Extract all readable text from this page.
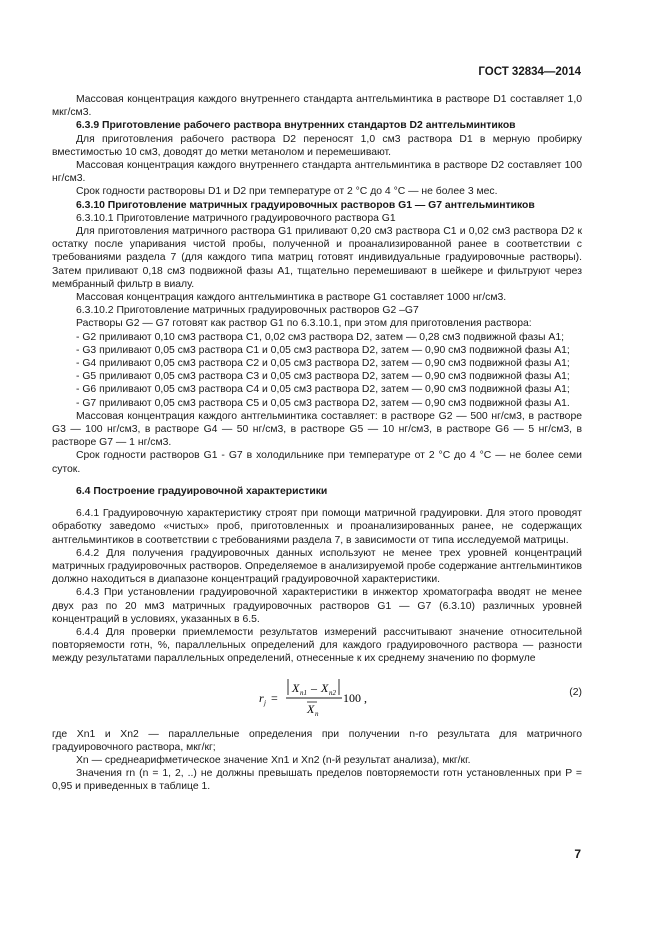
ГОСТ 32834—2014

Массовая концентрация каждого внутреннего стандарта антгельминтика в растворе D1 составляет 1,0 мкг/см3.

6.3.9 Приготовление рабочего раствора внутренних стандартов D2 антгельминтиков

Для приготовления рабочего раствора D2 переносят 1,0 см3 раствора D1 в мерную пробирку вместимостью 10 см3, доводят до метки метанолом и перемешивают.

Массовая концентрация каждого внутреннего стандарта антгельминтика в растворе D2 составляет 100 нг/см3.

Срок годности растворовы D1 и D2 при температуре от 2 °С до 4 °С — не более 3 мес.

6.3.10 Приготовление матричных градуировочных растворов G1 — G7 антгельминтиков

6.3.10.1 Приготовление матричного градуировочного раствора G1

Для приготовления матричного раствора G1 приливают 0,20 см3 раствора C1 и 0,02 см3 раствора D2 к остатку после упаривания чистой пробы, полученной и проанализированной ранее в соответствии с требованиями раздела 7 (для каждого типа матриц готовят индивидуальные градуировочные растворы). Затем приливают 0,18 см3 подвижной фазы А1, тщательно перемешивают в шейкере и фильтруют через мембранный фильтр в виалу.

Массовая концентрация каждого антгельминтика в растворе G1 составляет 1000 нг/см3.

6.3.10.2 Приготовление матричных градуировочных растворов G2 –G7

Растворы G2 — G7 готовят как раствор G1 по 6.3.10.1, при этом для приготовления раствора:

- G2 приливают 0,10 см3 раствора C1, 0,02 см3 раствора D2, затем — 0,28 см3 подвижной фазы А1;

- G3 приливают 0,05 см3 раствора C1 и 0,05 см3 раствора D2, затем — 0,90 см3 подвижной фазы А1;

- G4 приливают 0,05 см3 раствора C2 и 0,05 см3 раствора D2, затем — 0,90 см3 подвижной фазы А1;

- G5 приливают 0,05 см3 раствора C3 и 0,05 см3 раствора D2, затем — 0,90 см3 подвижной фазы А1;

- G6 приливают 0,05 см3 раствора C4 и 0,05 см3 раствора D2, затем — 0,90 см3 подвижной фазы А1;

- G7 приливают 0,05 см3 раствора C5 и 0,05 см3 раствора D2, затем — 0,90 см3 подвижной фазы А1.

Массовая концентрация каждого антгельминтика составляет: в растворе G2 — 500 нг/см3, в растворе G3 — 100 нг/см3, в растворе G4 — 50 нг/см3, в растворе G5 — 10 нг/см3, в растворе G6 — 5 нг/см3, в растворе G7 — 1 нг/см3.

Срок годности растворов G1 - G7 в холодильнике при температуре от 2 °С до 4 °С — не более семи суток.

6.4 Построение градуировочной характеристики

6.4.1 Градуировочную характеристику строят при помощи матричной градуировки. Для этого проводят обработку заведомо «чистых» проб, приготовленных и проанализированных ранее, не содержащих антгельминтиков в соответствии с требованиями раздела 7, в зависимости от типа исследуемой матрицы.

6.4.2 Для получения градуировочных данных используют не менее трех уровней концентраций матричных градуировочных растворов. Определяемое в анализируемой пробе содержание антгельминтиков должно находиться в диапазоне концентраций градуировочной характеристики.

6.4.3 При установлении градуировочной характеристики в инжектор хроматографа вводят не менее двух раз по 20 мм3 матричных градуировочных растворов G1 — G7 (6.3.10) различных уровней концентраций в условиях, указанных в 6.5.

6.4.4 Для проверки приемлемости результатов измерений рассчитывают значение относительной повторяемости rотн, %, параллельных определений для каждого градуировочного раствора — разности между результатами параллельных определений, отнесенные к их среднему значению по формуле

r j =
X n1 – X n2
X n
100 ,	(2)

где Xn1 и Xn2 — параллельные определения при получении n-го результата для матричного градуировочного раствора, мкг/кг;

Xn — среднеарифметическое значение Xn1 и Xn2 (n-й результат анализа), мкг/кг.

Значения rn (n = 1, 2, ..) не должны превышать пределов повторяемости rотн установленных при P = 0,95 и приведенных в таблице 1.

7
